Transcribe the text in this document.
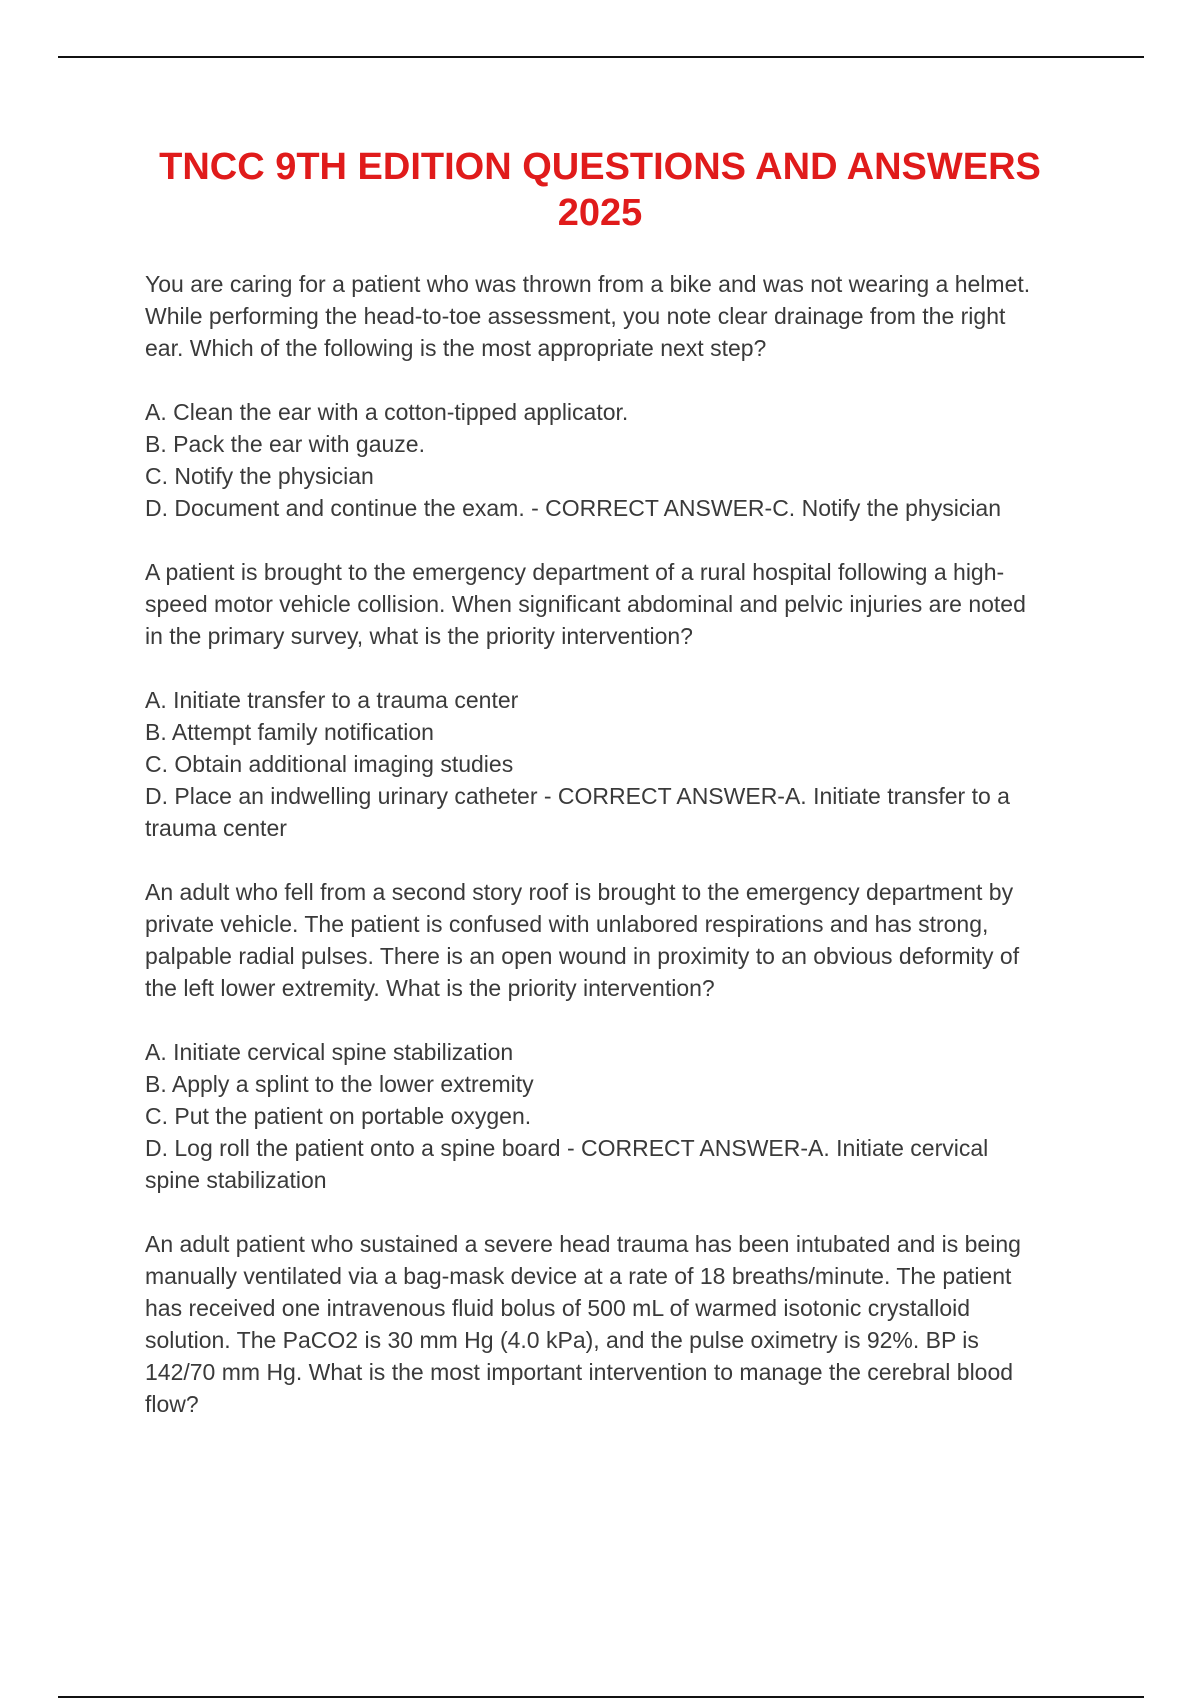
TNCC 9TH EDITION QUESTIONS AND ANSWERS
2025

You are caring for a patient who was thrown from a bike and was not wearing a helmet.
While performing the head-to-toe assessment, you note clear drainage from the right
ear. Which of the following is the most appropriate next step?

A. Clean the ear with a cotton-tipped applicator.
B. Pack the ear with gauze.
C. Notify the physician
D. Document and continue the exam. - CORRECT ANSWER-C. Notify the physician

A patient is brought to the emergency department of a rural hospital following a high-
speed motor vehicle collision. When significant abdominal and pelvic injuries are noted
in the primary survey, what is the priority intervention?

A. Initiate transfer to a trauma center
B. Attempt family notification
C. Obtain additional imaging studies
D. Place an indwelling urinary catheter - CORRECT ANSWER-A. Initiate transfer to a
trauma center

An adult who fell from a second story roof is brought to the emergency department by
private vehicle. The patient is confused with unlabored respirations and has strong,
palpable radial pulses. There is an open wound in proximity to an obvious deformity of
the left lower extremity. What is the priority intervention?

A. Initiate cervical spine stabilization
B. Apply a splint to the lower extremity
C. Put the patient on portable oxygen.
D. Log roll the patient onto a spine board - CORRECT ANSWER-A. Initiate cervical
spine stabilization

An adult patient who sustained a severe head trauma has been intubated and is being
manually ventilated via a bag-mask device at a rate of 18 breaths/minute. The patient
has received one intravenous fluid bolus of 500 mL of warmed isotonic crystalloid
solution. The PaCO2 is 30 mm Hg (4.0 kPa), and the pulse oximetry is 92%. BP is
142/70 mm Hg. What is the most important intervention to manage the cerebral blood
flow?
